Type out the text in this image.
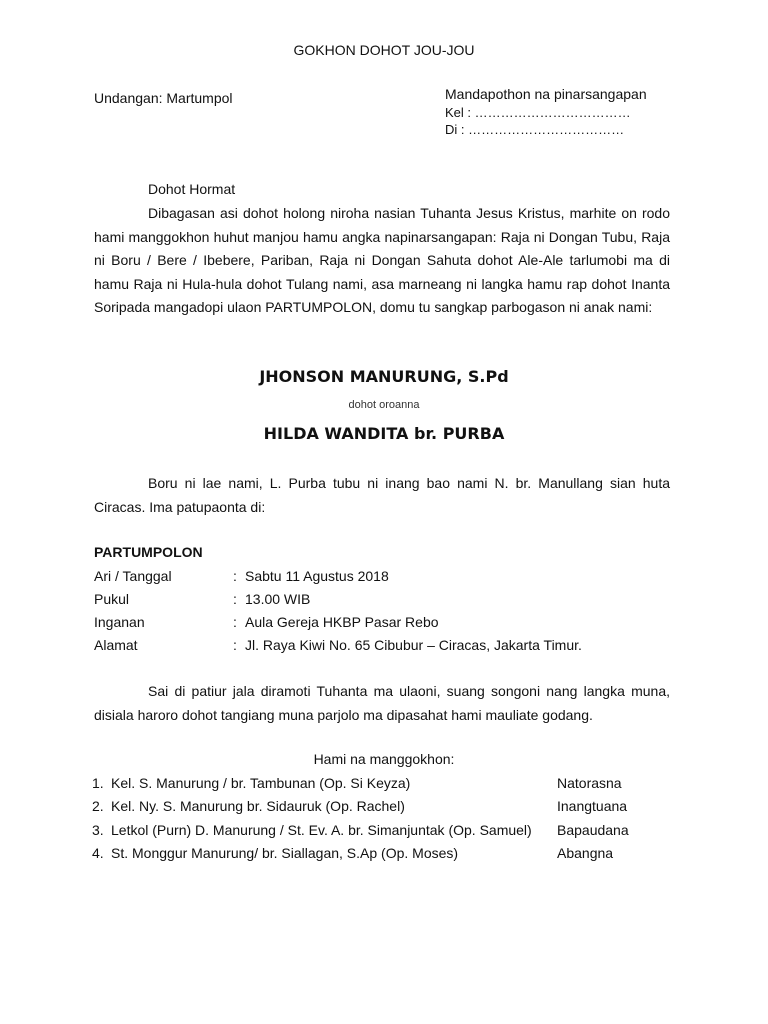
GOKHON DOHOT JOU-JOU
Undangan: Martumpol	Mandapothon na pinarsangapan
Kel : ………………………………
Di : ………………………………

Dohot Hormat

Dibagasan asi dohot holong niroha nasian Tuhanta Jesus Kristus, marhite on rodo hami manggokhon huhut manjou hamu angka napinarsangapan: Raja ni Dongan Tubu, Raja ni Boru / Bere / Ibebere, Pariban, Raja ni Dongan Sahuta dohot Ale-Ale tarlumobi ma di hamu Raja ni Hula-hula dohot Tulang nami, asa marneang ni langka hamu rap dohot Inanta Soripada mangadopi ulaon PARTUMPOLON, domu tu sangkap parbogason ni anak nami:

JHONSON MANURUNG, S.Pd
dohot oroanna
HILDA WANDITA br. PURBA

Boru ni lae nami, L. Purba tubu ni inang bao nami N. br. Manullang sian huta Ciracas. Ima patupaonta di:

PARTUMPOLON
Ari / Tanggal	: Sabtu 11 Agustus 2018
Pukul	: 13.00 WIB
Inganan	: Aula Gereja HKBP Pasar Rebo
Alamat	: Jl. Raya Kiwi No. 65 Cibubur – Ciracas, Jakarta Timur.

Sai di patiur jala diramoti Tuhanta ma ulaoni, suang songoni nang langka muna, disiala haroro dohot tangiang muna parjolo ma dipasahat hami mauliate godang.

Hami na manggokhon:
1. Kel. S. Manurung / br. Tambunan (Op. Si Keyza)	Natorasna
2. Kel. Ny. S. Manurung br. Sidauruk (Op. Rachel)	Inangtuana
3. Letkol (Purn) D. Manurung / St. Ev. A. br. Simanjuntak (Op. Samuel) Bapaudana
4. St. Monggur Manurung/ br. Siallagan, S.Ap (Op. Moses)	Abangna
